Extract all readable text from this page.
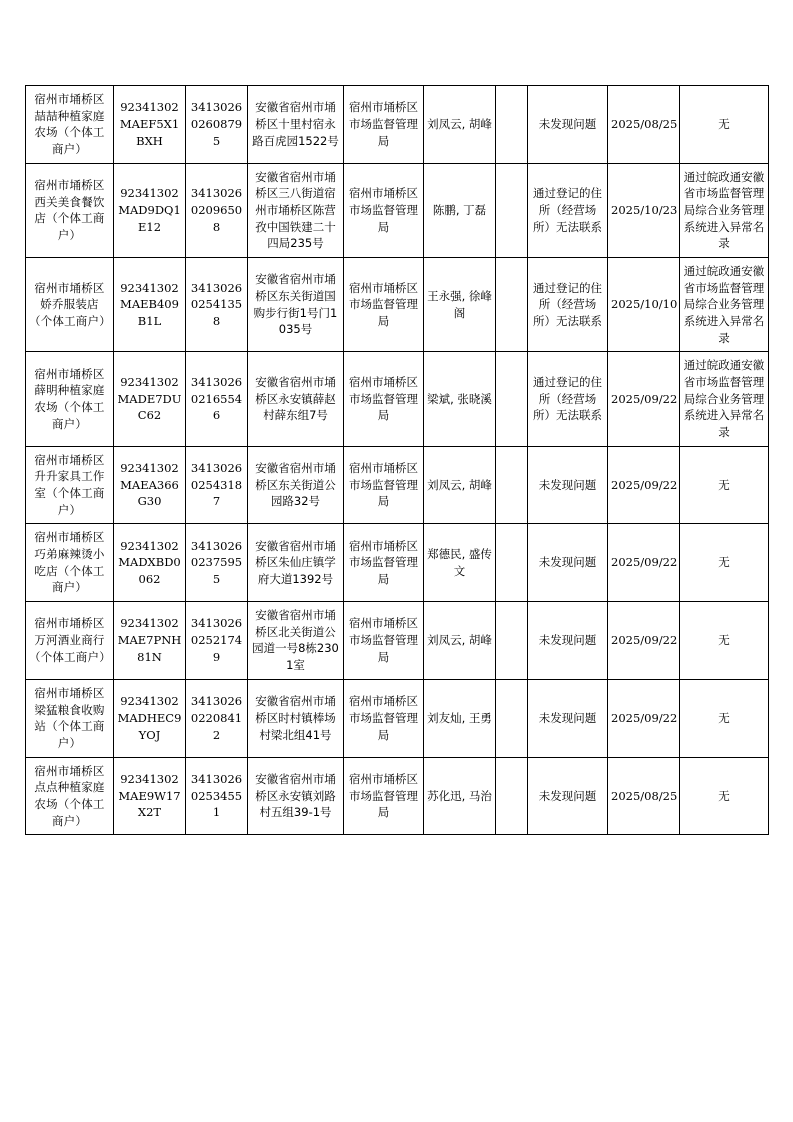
宿州市埇桥区喆喆种植家庭农场（个体工商户）	92341302MAEF5X1BXH	341302602608795	安徽省宿州市埇桥区十里村宿永路百虎园1522号	宿州市埇桥区市场监督管理局	刘凤云, 胡峰		未发现问题	2025/08/25	无
宿州市埇桥区西关美食餐饮店（个体工商户）	92341302MAD9DQ1E12	341302602096508	安徽省宿州市埇桥区三八街道宿州市埇桥区陈营孜中国铁建二十四局235号	宿州市埇桥区市场监督管理局	陈鹏, 丁磊		通过登记的住所（经营场所）无法联系	2025/10/23	通过皖政通安徽省市场监督管理局综合业务管理系统进入异常名录
宿州市埇桥区娇乔服装店（个体工商户）	92341302MAEB409B1L	341302602541358	安徽省宿州市埇桥区东关街道国购步行街1号门1035号	宿州市埇桥区市场监督管理局	王永强, 徐峰阁		通过登记的住所（经营场所）无法联系	2025/10/10	通过皖政通安徽省市场监督管理局综合业务管理系统进入异常名录
宿州市埇桥区薛明种植家庭农场（个体工商户）	92341302MADE7DUC62	341302602165546	安徽省宿州市埇桥区永安镇薛赵村薛东组7号	宿州市埇桥区市场监督管理局	梁斌, 张晓溪		通过登记的住所（经营场所）无法联系	2025/09/22	通过皖政通安徽省市场监督管理局综合业务管理系统进入异常名录
宿州市埇桥区升升家具工作室（个体工商户）	92341302MAEA366G30	341302602543187	安徽省宿州市埇桥区东关街道公园路32号	宿州市埇桥区市场监督管理局	刘凤云, 胡峰		未发现问题	2025/09/22	无
宿州市埇桥区巧弟麻辣烫小吃店（个体工商户）	92341302MADXBD0062	341302602375955	安徽省宿州市埇桥区朱仙庄镇学府大道1392号	宿州市埇桥区市场监督管理局	郑德民, 盛传文		未发现问题	2025/09/22	无
宿州市埇桥区万河酒业商行（个体工商户）	92341302MAE7PNH81N	341302602521749	安徽省宿州市埇桥区北关街道公园道一号8栋2301室	宿州市埇桥区市场监督管理局	刘凤云, 胡峰		未发现问题	2025/09/22	无
宿州市埇桥区梁猛粮食收购站（个体工商户）	92341302MADHEC9YOJ	341302602208412	安徽省宿州市埇桥区时村镇棒场村梁北组41号	宿州市埇桥区市场监督管理局	刘友灿, 王勇		未发现问题	2025/09/22	无
宿州市埇桥区点点种植家庭农场（个体工商户）	92341302MAE9W17X2T	341302602534551	安徽省宿州市埇桥区永安镇刘路村五组39-1号	宿州市埇桥区市场监督管理局	苏化迅, 马治		未发现问题	2025/08/25	无
